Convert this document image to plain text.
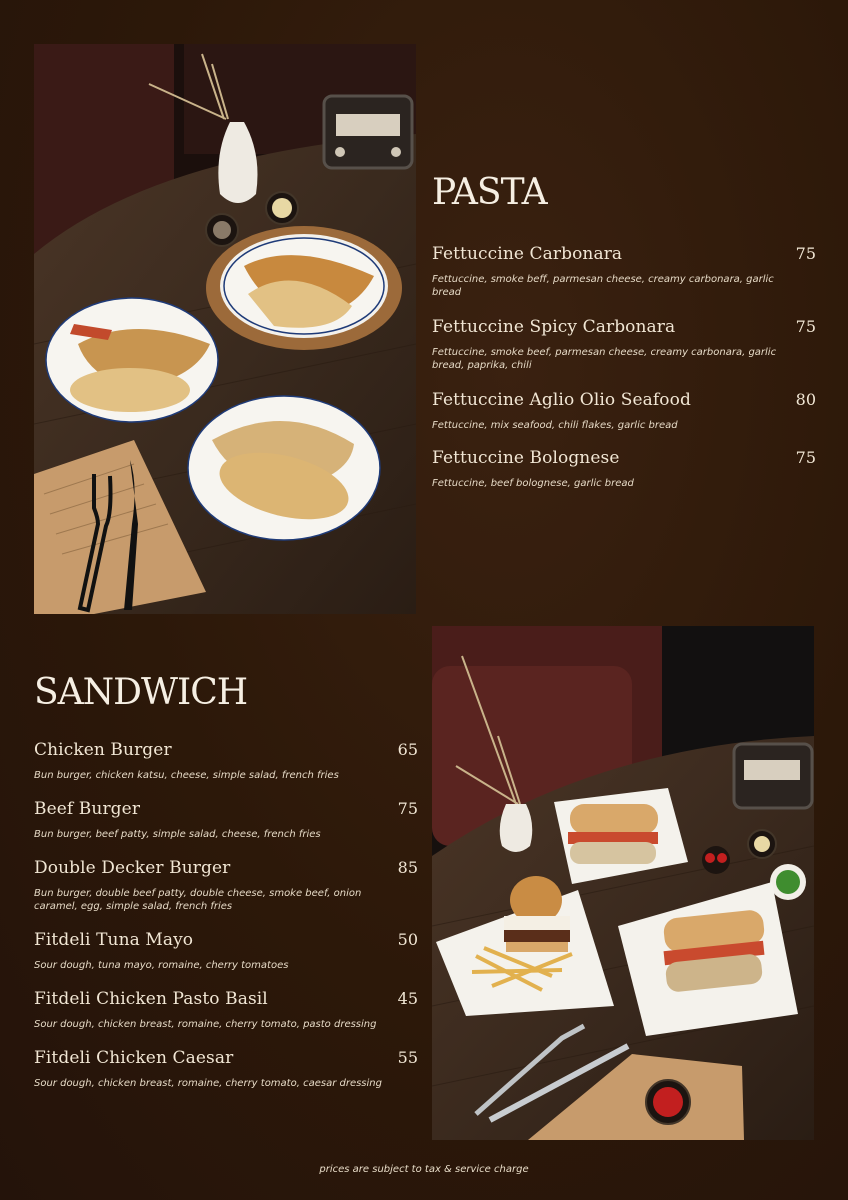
PASTA
Fettuccine Carbonara	75
Fettuccine, smoke beff, parmesan cheese, creamy carbonara, garlic bread
Fettuccine Spicy Carbonara	75
Fettuccine, smoke beef, parmesan cheese, creamy carbonara, garlic bread, paprika, chili
Fettuccine Aglio Olio Seafood	80
Fettuccine, mix seafood, chili flakes, garlic bread
Fettuccine Bolognese	75
Fettuccine, beef bolognese, garlic bread
SANDWICH
Chicken Burger	65
Bun burger, chicken katsu, cheese, simple salad, french fries
Beef Burger	75
Bun burger, beef patty, simple salad, cheese, french fries
Double Decker Burger	85
Bun burger, double beef patty, double cheese, smoke beef, onion caramel, egg, simple salad, french fries
Fitdeli Tuna Mayo	50
Sour dough, tuna mayo, romaine, cherry tomatoes
Fitdeli Chicken Pasto Basil	45
Sour dough, chicken breast, romaine, cherry tomato, pasto dressing
Fitdeli Chicken Caesar	55
Sour dough, chicken breast, romaine, cherry tomato, caesar dressing
prices are subject to tax & service charge
